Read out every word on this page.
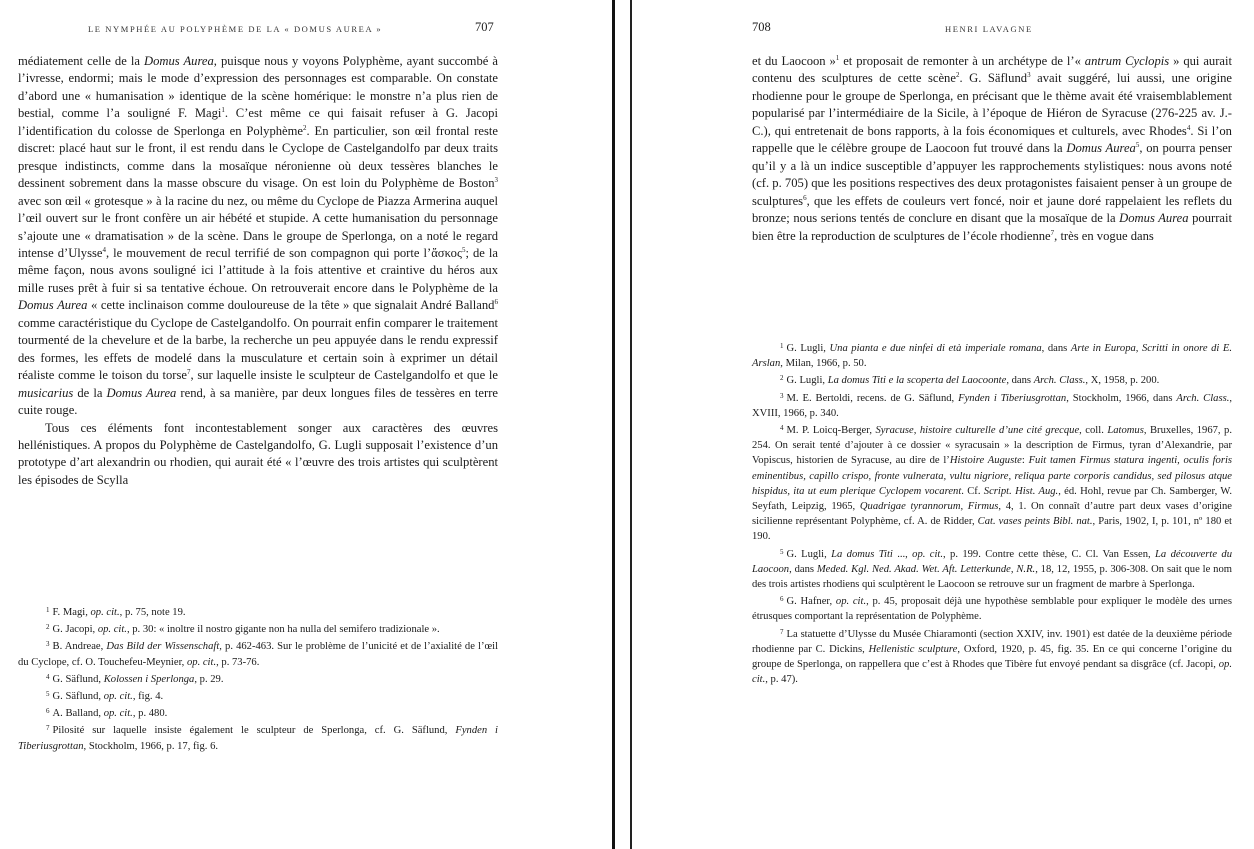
LE NYMPHÉE AU POLYPHÈME DE LA « DOMUS AUREA »	707

médiatement celle de la Domus Aurea, puisque nous y voyons Polyphème, ayant succombé à l’ivresse, endormi; mais le mode d’expression des personnages est comparable. On constate d’abord une « humanisation » identique de la scène homérique: le monstre n’a plus rien de bestial, comme l’a souligné F. Magi$^1$. C’est même ce qui faisait refuser à G. Jacopi l’identification du colosse de Sperlonga en Polyphème$^2$. En particulier, son œil frontal reste discret: placé haut sur le front, il est rendu dans le Cyclope de Castelgandolfo par deux traits presque indistincts, comme dans la mosaïque néronienne où deux tessères blanches le dessinent sobrement dans la masse obscure du visage. On est loin du Polyphème de Boston$^3$ avec son œil « grotesque » à la racine du nez, ou même du Cyclope de Piazza Armerina auquel l’œil ouvert sur le front confère un air hébété et stupide. A cette humanisation du personnage s’ajoute une « dramatisation » de la scène. Dans le groupe de Sperlonga, on a noté le regard intense d’Ulysse$^4$, le mouvement de recul terrifié de son compagnon qui porte l’ἄσκος$^5$; de la même façon, nous avons souligné ici l’attitude à la fois attentive et craintive du héros aux mille ruses prêt à fuir si sa tentative échoue. On retrouverait encore dans le Polyphème de la Domus Aurea « cette inclinaison comme douloureuse de la tête » que signalait André Balland$^6$ comme caractéristique du Cyclope de Castelgandolfo. On pourrait enfin comparer le traitement tourmenté de la chevelure et de la barbe, la recherche un peu appuyée dans le rendu expressif des formes, les effets de modelé dans la musculature et certain soin à exprimer un détail réaliste comme le toison du torse$^7$, sur laquelle insiste le sculpteur de Castelgandolfo et que le musicarius de la Domus Aurea rend, à sa manière, par deux longues files de tessères en terre cuite rouge.

Tous ces éléments font incontestablement songer aux caractères des œuvres hellénistiques. A propos du Polyphème de Castelgandolfo, G. Lugli supposait l’existence d’un prototype d’art alexandrin ou rhodien, qui aurait été « l’œuvre des trois artistes qui sculptèrent les épisodes de Scylla

$^1$ F. Magi, op. cit., p. 75, note 19.
$^2$ G. Jacopi, op. cit., p. 30: « inoltre il nostro gigante non ha nulla del semifero tradizionale ».
$^3$ B. Andreae, Das Bild der Wissenschaft, p. 462-463. Sur le problème de l’unicité et de l’axialité de l’œil du Cyclope, cf. O. Touchefeu-Meynier, op. cit., p. 73-76.
$^4$ G. Säflund, Kolossen i Sperlonga, p. 29.
$^5$ G. Säflund, op. cit., fig. 4.
$^6$ A. Balland, op. cit., p. 480.
$^7$ Pilosité sur laquelle insiste également le sculpteur de Sperlonga, cf. G. Säflund, Fynden i Tiberiusgrottan, Stockholm, 1966, p. 17, fig. 6.
708	HENRI LAVAGNE

et du Laocoon »$^1$ et proposait de remonter à un archétype de l’« antrum Cyclopis » qui aurait contenu des sculptures de cette scène$^2$. G. Säflund$^3$ avait suggéré, lui aussi, une origine rhodienne pour le groupe de Sperlonga, en précisant que le thème avait été vraisemblablement popularisé par l’intermédiaire de la Sicile, à l’époque de Hiéron de Syracuse (276-225 av. J.-C.), qui entretenait de bons rapports, à la fois économiques et culturels, avec Rhodes$^4$. Si l’on rappelle que le célèbre groupe de Laocoon fut trouvé dans la Domus Aurea$^5$, on pourra penser qu’il y a là un indice susceptible d’appuyer les rapprochements stylistiques: nous avons noté (cf. p. 705) que les positions respectives des deux protagonistes faisaient penser à un groupe de sculptures$^6$, que les effets de couleurs vert foncé, noir et jaune doré rappelaient les reflets du bronze; nous serions tentés de conclure en disant que la mosaïque de la Domus Aurea pourrait bien être la reproduction de sculptures de l’école rhodienne$^7$, très en vogue dans

$^1$ G. Lugli, Una pianta e due ninfei di età imperiale romana, dans Arte in Europa, Scritti in onore di E. Arslan, Milan, 1966, p. 50.
$^2$ G. Lugli, La domus Titi e la scoperta del Laocoonte, dans Arch. Class., X, 1958, p. 200.
$^3$ M. E. Bertoldi, recens. de G. Säflund, Fynden i Tiberiusgrottan, Stockholm, 1966, dans Arch. Class., XVIII, 1966, p. 340.
$^4$ M. P. Loicq-Berger, Syracuse, histoire culturelle d’une cité grecque, coll. Latomus, Bruxelles, 1967, p. 254. On serait tenté d’ajouter à ce dossier « syracusain » la description de Firmus, tyran d’Alexandrie, par Vopiscus, historien de Syracuse, au dire de l’Histoire Auguste: Fuit tamen Firmus statura ingenti, oculis foris eminentibus, capillo crispo, fronte vulnerata, vultu nigriore, reliqua parte corporis candidus, sed pilosus atque hispidus, ita ut eum plerique Cyclopem vocarent. Cf. Script. Hist. Aug., éd. Hohl, revue par Ch. Samberger, W. Seyfath, Leipzig, 1965, Quadrigae tyrannorum, Firmus, 4, 1. On connaît d’autre part deux vases d’origine sicilienne représentant Polyphème, cf. A. de Ridder, Cat. vases peints Bibl. nat., Paris, 1902, I, p. 101, nº 180 et 190.
$^5$ G. Lugli, La domus Titi ..., op. cit., p. 199. Contre cette thèse, C. Cl. Van Essen, La découverte du Laocoon, dans Meded. Kgl. Ned. Akad. Wet. Aft. Letterkunde, N.R., 18, 12, 1955, p. 306-308. On sait que le nom des trois artistes rhodiens qui sculptèrent le Laocoon se retrouve sur un fragment de marbre à Sperlonga.
$^6$ G. Hafner, op. cit., p. 45, proposait déjà une hypothèse semblable pour expliquer le modèle des urnes étrusques comportant la représentation de Polyphème.
$^7$ La statuette d’Ulysse du Musée Chiaramonti (section XXIV, inv. 1901) est datée de la deuxième période rhodienne par C. Dickins, Hellenistic sculpture, Oxford, 1920, p. 45, fig. 35. En ce qui concerne l’origine du groupe de Sperlonga, on rappellera que c’est à Rhodes que Tibère fut envoyé pendant sa disgrâce (cf. Jacopi, op. cit., p. 47).
